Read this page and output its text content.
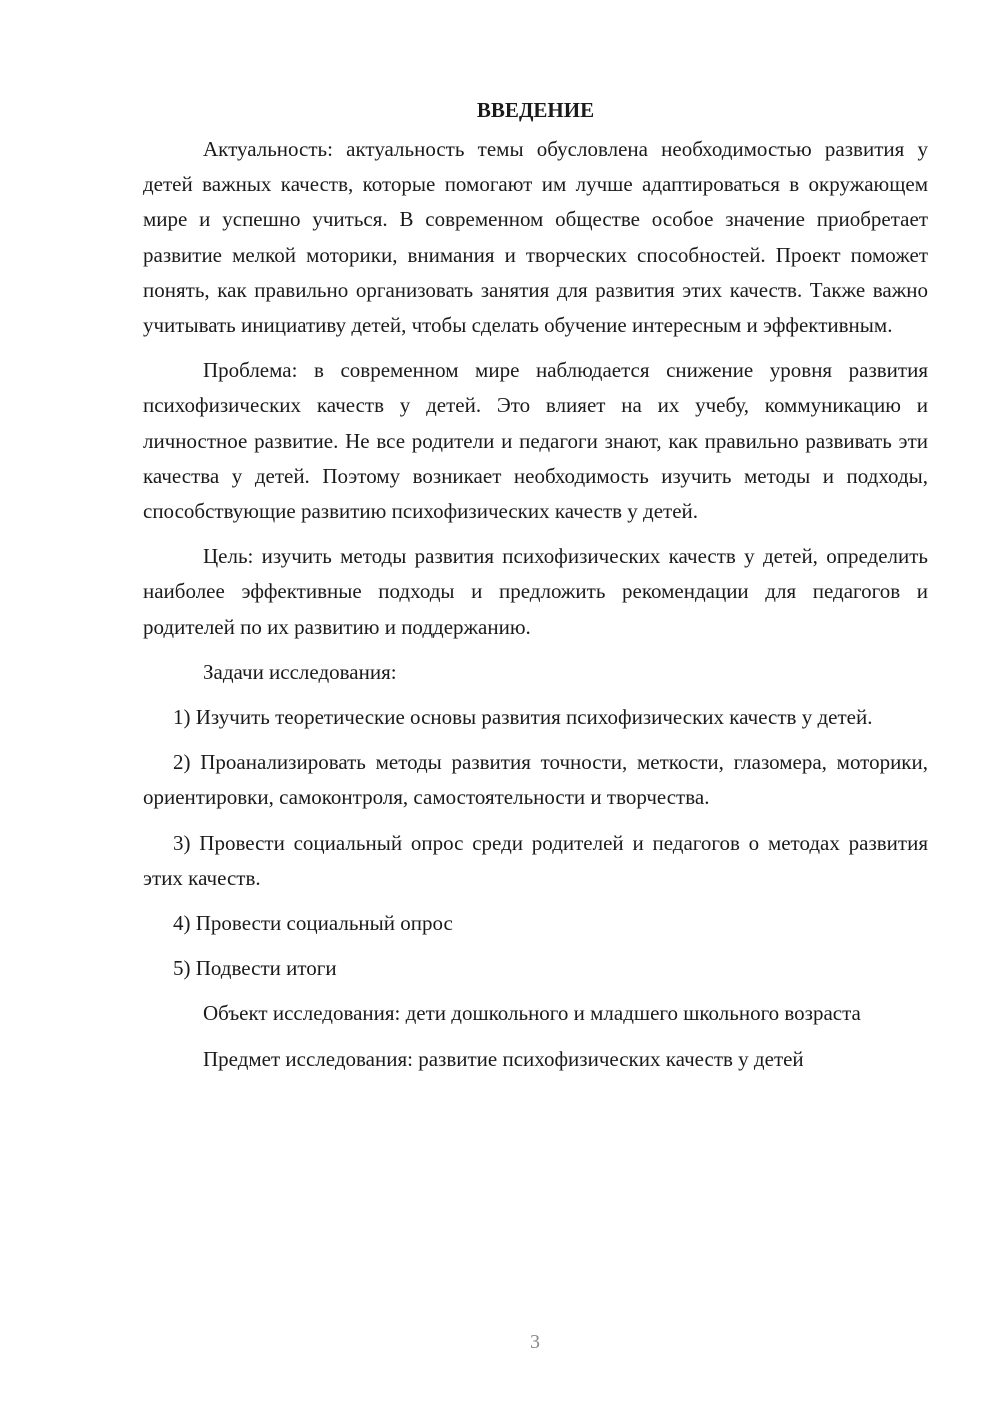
ВВЕДЕНИЕ

Актуальность: актуальность темы обусловлена необходимостью развития у детей важных качеств, которые помогают им лучше адаптироваться в окружающем мире и успешно учиться. В современном обществе особое значение приобретает развитие мелкой моторики, внимания и творческих способностей. Проект поможет понять, как правильно организовать занятия для развития этих качеств. Также важно учитывать инициативу детей, чтобы сделать обучение интересным и эффективным.

Проблема: в современном мире наблюдается снижение уровня развития психофизических качеств у детей. Это влияет на их учебу, коммуникацию и личностное развитие. Не все родители и педагоги знают, как правильно развивать эти качества у детей. Поэтому возникает необходимость изучить методы и подходы, способствующие развитию психофизических качеств у детей.

Цель: изучить методы развития психофизических качеств у детей, определить наиболее эффективные подходы и предложить рекомендации для педагогов и родителей по их развитию и поддержанию.

Задачи исследования:

1) Изучить теоретические основы развития психофизических качеств у детей.

2) Проанализировать методы развития точности, меткости, глазомера, моторики, ориентировки, самоконтроля, самостоятельности и творчества.

3) Провести социальный опрос среди родителей и педагогов о методах развития этих качеств.

4) Провести социальный опрос

5) Подвести итоги

Объект исследования: дети дошкольного и младшего школьного возраста

Предмет исследования: развитие психофизических качеств у детей

3
